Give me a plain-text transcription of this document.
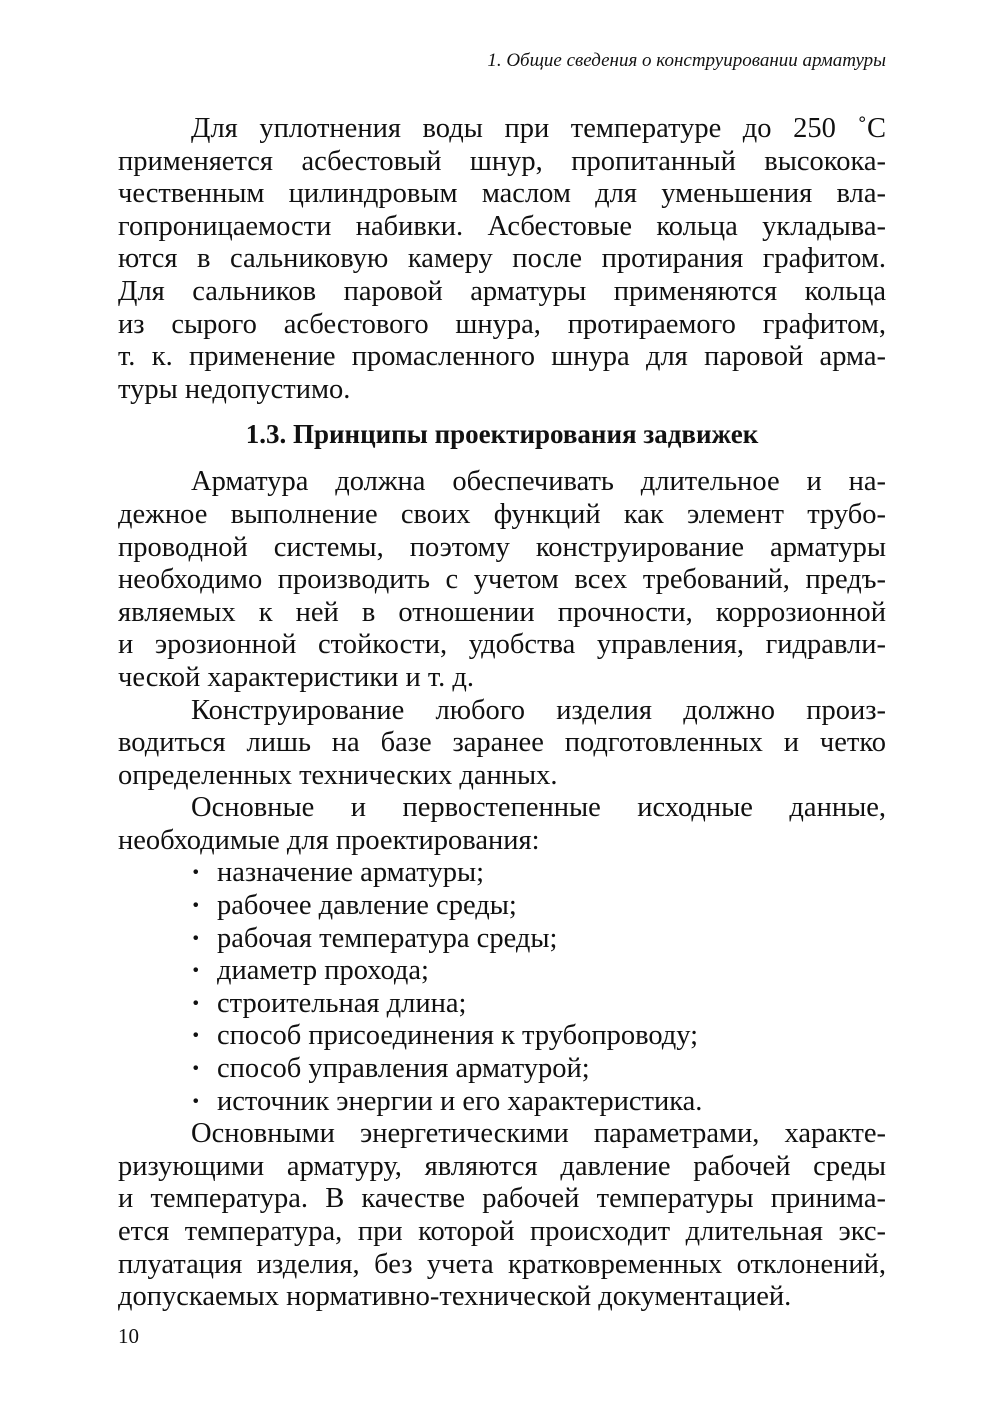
1. Общие сведения о конструировании арматуры
Для уплотнения воды при температуре до 250 ˚С
применяется асбестовый шнур, пропитанный высокока-
чественным цилиндровым маслом для уменьшения вла-
гопроницаемости набивки. Асбестовые кольца укладыва-
ются в сальниковую камеру после протирания графитом.
Для сальников паровой арматуры применяются кольца
из сырого асбестового шнура, протираемого графитом,
т. к. применение промасленного шнура для паровой арма-
туры недопустимо.
1.3. Принципы проектирования задвижек
Арматура должна обеспечивать длительное и на-
дежное выполнение своих функций как элемент трубо-
проводной системы, поэтому конструирование арматуры
необходимо производить с учетом всех требований, предъ-
являемых к ней в отношении прочности, коррозионной
и эрозионной стойкости, удобства управления, гидравли-
ческой характеристики и т. д.
Конструирование любого изделия должно произ-
водиться лишь на базе заранее подготовленных и четко
определенных технических данных.
Основные и первостепенные исходные данные,
необходимые для проектирования:
· назначение арматуры;
· рабочее давление среды;
· рабочая температура среды;
· диаметр прохода;
· строительная длина;
· способ присоединения к трубопроводу;
· способ управления арматурой;
· источник энергии и его характеристика.
Основными энергетическими параметрами, характе-
ризующими арматуру, являются давление рабочей среды
и температура. В качестве рабочей температуры принима-
ется температура, при которой происходит длительная экс-
плуатация изделия, без учета кратковременных отклонений,
допускаемых нормативно-технической документацией.
10
